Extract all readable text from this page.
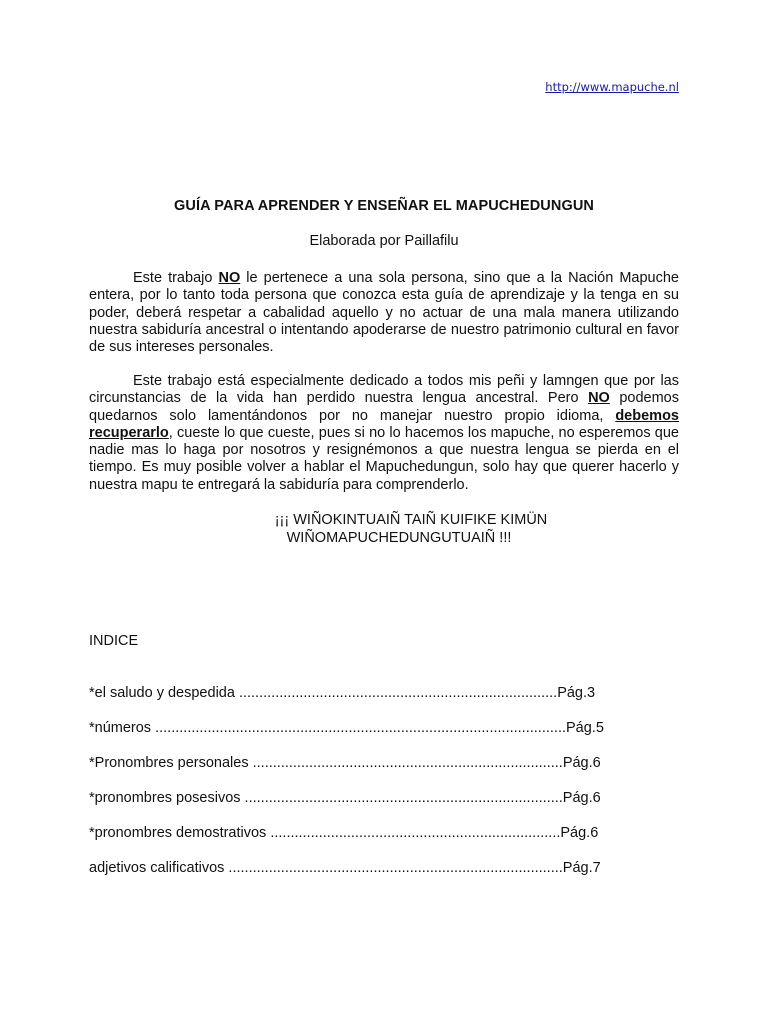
http://www.mapuche.nl
GUÍA PARA APRENDER Y ENSEÑAR EL MAPUCHEDUNGUN
Elaborada por Paillafilu

Este trabajo NO le pertenece a una sola persona, sino que a la Nación Mapuche entera, por lo tanto toda persona que conozca esta guía de aprendizaje y la tenga en su poder, deberá respetar a cabalidad aquello y no actuar de una mala manera utilizando nuestra sabiduría ancestral o intentando apoderarse de nuestro patrimonio cultural en favor de sus intereses personales.

Este trabajo está especialmente dedicado a todos mis peñi y lamngen que por las circunstancias de la vida han perdido nuestra lengua ancestral. Pero NO podemos quedarnos solo lamentándonos por no manejar nuestro propio idioma, debemos recuperarlo, cueste lo que cueste, pues si no lo hacemos los mapuche, no esperemos que nadie mas lo haga por nosotros y resignémonos a que nuestra lengua se pierda en el tiempo. Es muy posible volver a hablar el Mapuchedungun, solo hay que querer hacerlo y nuestra mapu te entregará la sabiduría para comprenderlo.

¡¡¡ WIÑOKINTUAIÑ TAIÑ KUIFIKE KIMÜN
WIÑOMAPUCHEDUNGUTUAIÑ !!!
INDICE
*el saludo y despedida ...............................................................................Pág.3
*números ......................................................................................................Pág.5
*Pronombres personales .............................................................................Pág.6
*pronombres posesivos ...............................................................................Pág.6
*pronombres demostrativos ........................................................................Pág.6
adjetivos calificativos ...................................................................................Pág.7
